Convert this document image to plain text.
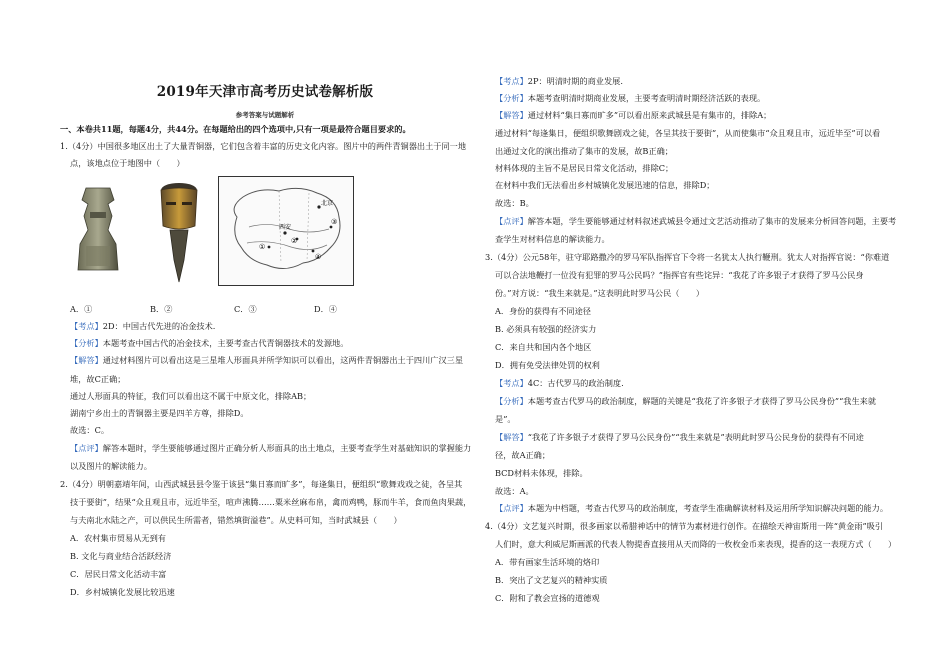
2019年天津市高考历史试卷解析版
参考答案与试题解析
一、本卷共11题，每题4分，共44分。在每题给出的四个选项中,只有一项是最符合题目要求的。
1.（4分）中国很多地区出土了大量青铜器，它们包含着丰富的历史文化内容。图片中的两件青铜器出土于同一地
点，该地点位于地图中（　　）
北京
西安
③
①
②
④
A．①	B．②	C．③	D．④
【考点】2D：中国古代先进的冶金技术.
【分析】本题考查中国古代的冶金技术，主要考查古代青铜器技术的发源地。
【解答】通过材料图片可以看出这是三星堆人形面具并所学知识可以看出，这两件青铜器出土于四川广汉三星
堆，故C正确；
通过人形面具的特征，我们可以看出这不属于中原文化，排除AB；
湖南宁乡出土的青铜器主要是四羊方尊，排除D。
故选：C。
【点评】解答本题时，学生要能够通过图片正确分析人形面具的出土地点，主要考查学生对基础知识的掌握能力
以及图片的解读能力。
2.（4分）明朝嘉靖年间，山西武城县县令鉴于该县“集日寡而旷多”，每逢集日，便组织“歌舞戏戏之徒，各呈其
技于要街”，结果“众且观且市，远近毕至，喧声沸腾……粟米丝麻布帛，禽而鸡鸭，豚而牛羊，食而鱼肉果蔬，
与夫南北水陆之产，可以供民生所需者，错然填街溢巷”。从史料可知，当时武城县（　　）
A．农村集市贸易从无到有
B. 文化与商业结合活跃经济
C．居民日常文化活动丰富
D．乡村城镇化发展比较迅速
【考点】2P：明清时期的商业发展.
【分析】本题考查明清时期商业发展，主要考查明清时期经济活跃的表现。
【解答】通过材料“集日寡而旷多”可以看出原来武城县是有集市的，排除A；
通过材料“每逢集日，便组织歌舞剧戏之徒，各呈其技于要街”，从而使集市“众且观且市，远近毕至”可以看
出通过文化的演出推动了集市的发展，故B正确；
材料体现的主旨不是居民日常文化活动，排除C；
在材料中我们无法看出乡村城镇化发展迅速的信息，排除D；
故选：B。
【点评】解答本题，学生要能够通过材料叙述武城县令通过文艺活动推动了集市的发展来分析回答问题，主要考
查学生对材料信息的解读能力。
3.（4分）公元58年，驻守耶路撒冷的罗马军队指挥官下令将一名犹太人执行鞭刑。犹太人对指挥官说：“你难道
可以合法地鞭打一位没有犯罪的罗马公民吗？”指挥官有些诧异：“我花了许多银子才获得了罗马公民身
份。”对方说：“我生来就是。”这表明此时罗马公民（　　）
A．身份的获得有不同途径
B. 必须具有较强的经济实力
C．来自共和国内各个地区
D．拥有免受法律处罚的权利
【考点】4C：古代罗马的政治制度.
【分析】本题考查古代罗马的政治制度，解题的关键是“我花了许多银子才获得了罗马公民身份”“我生来就
是”。
【解答】“我花了许多银子才获得了罗马公民身份”“我生来就是”表明此时罗马公民身份的获得有不同途
径，故A正确；
BCD材料未体现，排除。
故选：A。
【点评】本题为中档题，考查古代罗马的政治制度，考查学生准确解读材料及运用所学知识解决问题的能力。
4.（4分）文艺复兴时期，很多画家以希腊神话中的情节为素材进行创作。在描绘天神宙斯用一阵“黄金雨”吸引
人们时，意大利威尼斯画派的代表人物提香直接用从天而降的一枚枚金币来表现，提香的这一表现方式（　　）
A．带有画家生活环境的烙印
B．突出了文艺复兴的精神实质
C．附和了教会宣扬的道德观
